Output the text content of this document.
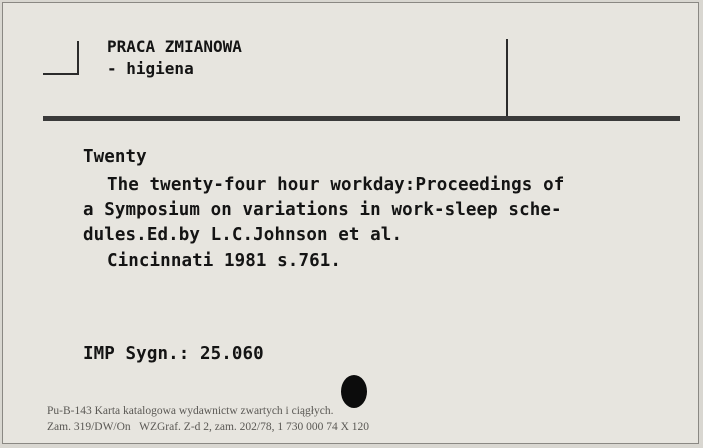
PRACA ZMIANOWA

- higiena

Twenty

The twenty-four hour workday:Proceedings of

a Symposium on variations in work-sleep sche-

dules.Ed.by L.C.Johnson et al.

Cincinnati 1981 s.761.

IMP Sygn.: 25.060

Pu-B-143 Karta katalogowa wydawnictw zwartych i ciągłych.

Zam. 319/DW/On   WZGraf. Z-d 2, zam. 202/78, 1 730 000 74 X 120
